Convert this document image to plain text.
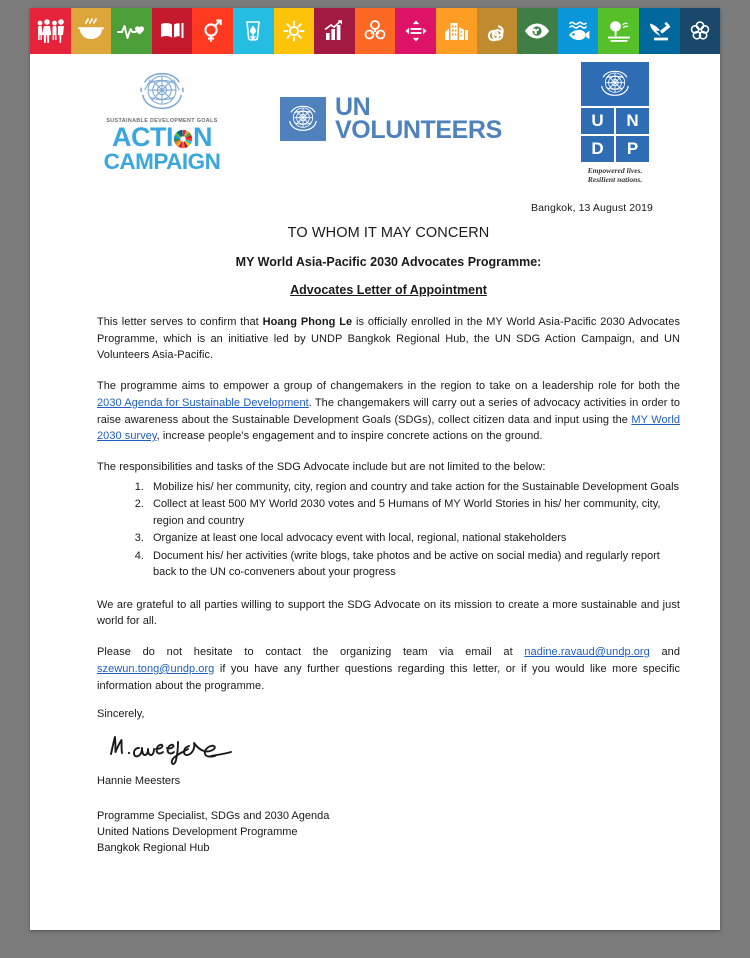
SUSTAINABLE DEVELOPMENT GOALS
ACTI N
CAMPAIGN
UN
VOLUNTEERS	U	N
D	P
Empowered lives.
Resilient nations.
Bangkok, 13 August 2019
TO WHOM IT MAY CONCERN
MY World Asia-Pacific 2030 Advocates Programme:
Advocates Letter of Appointment

This letter serves to confirm that Hoang Phong Le is officially enrolled in the MY World Asia-Pacific 2030 Advocates Programme, which is an initiative led by UNDP Bangkok Regional Hub, the UN SDG Action Campaign, and UN Volunteers Asia-Pacific.

The programme aims to empower a group of changemakers in the region to take on a leadership role for both the 2030 Agenda for Sustainable Development. The changemakers will carry out a series of advocacy activities in order to raise awareness about the Sustainable Development Goals (SDGs), collect citizen data and input using the MY World 2030 survey, increase people’s engagement and to inspire concrete actions on the ground.

The responsibilities and tasks of the SDG Advocate include but are not limited to the below:

1. Mobilize his/ her community, city, region and country and take action for the Sustainable Development Goals
2. Collect at least 500 MY World 2030 votes and 5 Humans of MY World Stories in his/ her community, city, region and country
3. Organize at least one local advocacy event with local, regional, national stakeholders
4. Document his/ her activities (write blogs, take photos and be active on social media) and regularly report back to the UN co-conveners about your progress

We are grateful to all parties willing to support the SDG Advocate on its mission to create a more sustainable and just world for all.

Please do not hesitate to contact the organizing team via email at nadine.ravaud@undp.org and szewun.tong@undp.org if you have any further questions regarding this letter, or if you would like more specific information about the programme.

Sincerely,

Hannie Meesters

Programme Specialist, SDGs and 2030 Agenda

United Nations Development Programme

Bangkok Regional Hub
